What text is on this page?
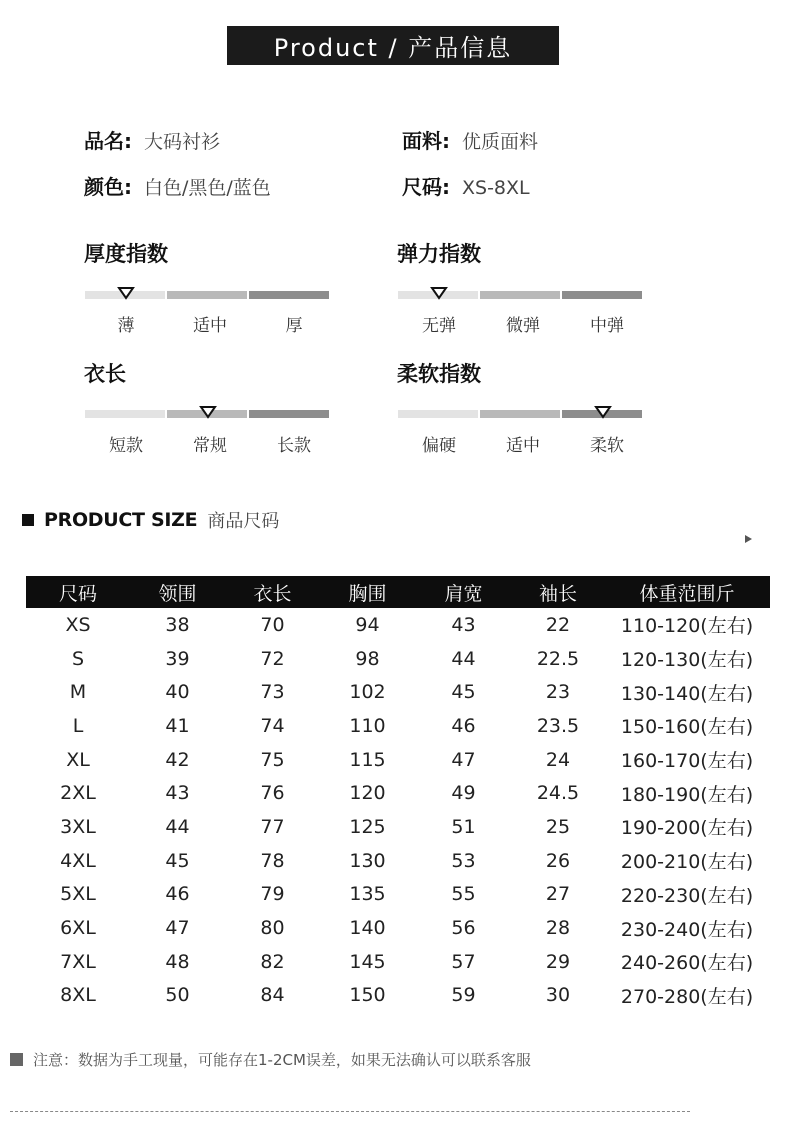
Product / 产品信息
品名: 大码衬衫	面料: 优质面料
颜色: 白色/黑色/蓝色	尺码: XS-8XL
厚度指数
薄	适中	厚
弹力指数
无弹	微弹	中弹
衣长
短款	常规	长款
柔软指数
偏硬	适中	柔软
PRODUCT SIZE 商品尺码
尺码	领围	衣长	胸围	肩宽	袖长	体重范围斤
XS	38	70	94	43	22	110-120(左右)
S	39	72	98	44	22.5	120-130(左右)
M	40	73	102	45	23	130-140(左右)
L	41	74	110	46	23.5	150-160(左右)
XL	42	75	115	47	24	160-170(左右)
2XL	43	76	120	49	24.5	180-190(左右)
3XL	44	77	125	51	25	190-200(左右)
4XL	45	78	130	53	26	200-210(左右)
5XL	46	79	135	55	27	220-230(左右)
6XL	47	80	140	56	28	230-240(左右)
7XL	48	82	145	57	29	240-260(左右)
8XL	50	84	150	59	30	270-280(左右)
注意：数据为手工现量，可能存在1-2CM误差，如果无法确认可以联系客服
